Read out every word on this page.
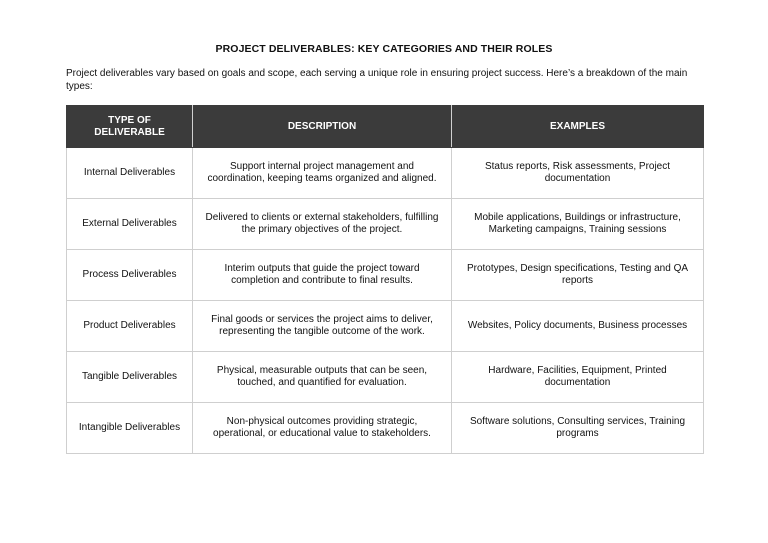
PROJECT DELIVERABLES: KEY CATEGORIES AND THEIR ROLES
Project deliverables vary based on goals and scope, each serving a unique role in ensuring project success. Here’s a breakdown of the main types:
TYPE OF DELIVERABLE	DESCRIPTION	EXAMPLES
Internal Deliverables	Support internal project management and coordination, keeping teams organized and aligned.	Status reports, Risk assessments, Project documentation
External Deliverables	Delivered to clients or external stakeholders, fulfilling the primary objectives of the project.	Mobile applications, Buildings or infrastructure, Marketing campaigns, Training sessions
Process Deliverables	Interim outputs that guide the project toward completion and contribute to final results.	Prototypes, Design specifications, Testing and QA reports
Product Deliverables	Final goods or services the project aims to deliver, representing the tangible outcome of the work.	Websites, Policy documents, Business processes
Tangible Deliverables	Physical, measurable outputs that can be seen, touched, and quantified for evaluation.	Hardware, Facilities, Equipment, Printed documentation
Intangible Deliverables	Non-physical outcomes providing strategic, operational, or educational value to stakeholders.	Software solutions, Consulting services, Training programs
